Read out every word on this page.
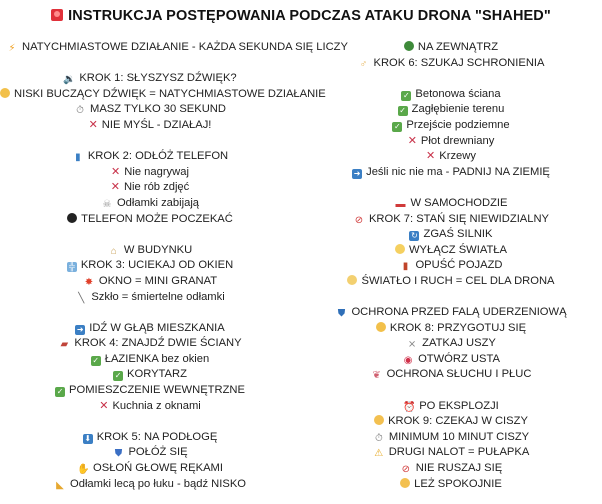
INSTRUKCJA POSTĘPOWANIA PODCZAS ATAKU DRONA "SHAHED"
⚡ NATYCHMIASTOWE DZIAŁANIE - KAŻDA SEKUNDA SIĘ LICZY
🔉 KROK 1: SŁYSZYSZ DŹWIĘK?
NISKI BUCZĄCY DŹWIĘK = NATYCHMIASTOWE DZIAŁANIE
⏱ MASZ TYLKO 30 SEKUND
✕ NIE MYŚL - DZIAŁAJ!
▮ KROK 2: ODŁÓŻ TELEFON
✕ Nie nagrywaj
✕ Nie rób zdjęć
☠ Odłamki zabijają
TELEFON MOŻE POCZEKAĆ
⌂ W BUDYNKU
╬ KROK 3: UCIEKAJ OD OKIEN
✸ OKNO = MINI GRANAT
╲ Szkło = śmiertelne odłamki
➜ IDŹ W GŁĄB MIESZKANIA
▰ KROK 4: ZNAJDŹ DWIE ŚCIANY
✓ ŁAZIENKA bez okien
✓ KORYTARZ
✓ POMIESZCZENIE WEWNĘTRZNE
✕ Kuchnia z oknami
⬇ KROK 5: NA PODŁOGĘ
⛊ POŁÓŻ SIĘ
✋ OSŁOŃ GŁOWĘ RĘKAMI
◣ Odłamki lecą po łuku - bądź NISKO
NA ZEWNĄTRZ
♂ KROK 6: SZUKAJ SCHRONIENIA
✓ Betonowa ściana
✓ Zagłębienie terenu
✓ Przejście podziemne
✕ Płot drewniany
✕ Krzewy
➜ Jeśli nic nie ma - PADNIJ NA ZIEMIĘ
▬ W SAMOCHODZIE
⊘ KROK 7: STAŃ SIĘ NIEWIDZIALNY
↻ ZGAŚ SILNIK
WYŁĄCZ ŚWIATŁA
▮ OPUŚĆ POJAZD
ŚWIATŁO I RUCH = CEL DLA DRONA
⛊ OCHRONA PRZED FALĄ UDERZENIOWĄ
KROK 8: PRZYGOTUJ SIĘ
⨯ ZATKAJ USZY
◉ OTWÓRZ USTA
❦ OCHRONA SŁUCHU I PŁUC
⏰ PO EKSPLOZJI
KROK 9: CZEKAJ W CISZY
⏱ MINIMUM 10 MINUT CISZY
⚠ DRUGI NALOT = PUŁAPKA
⊘ NIE RUSZAJ SIĘ
LEŻ SPOKOJNIE
